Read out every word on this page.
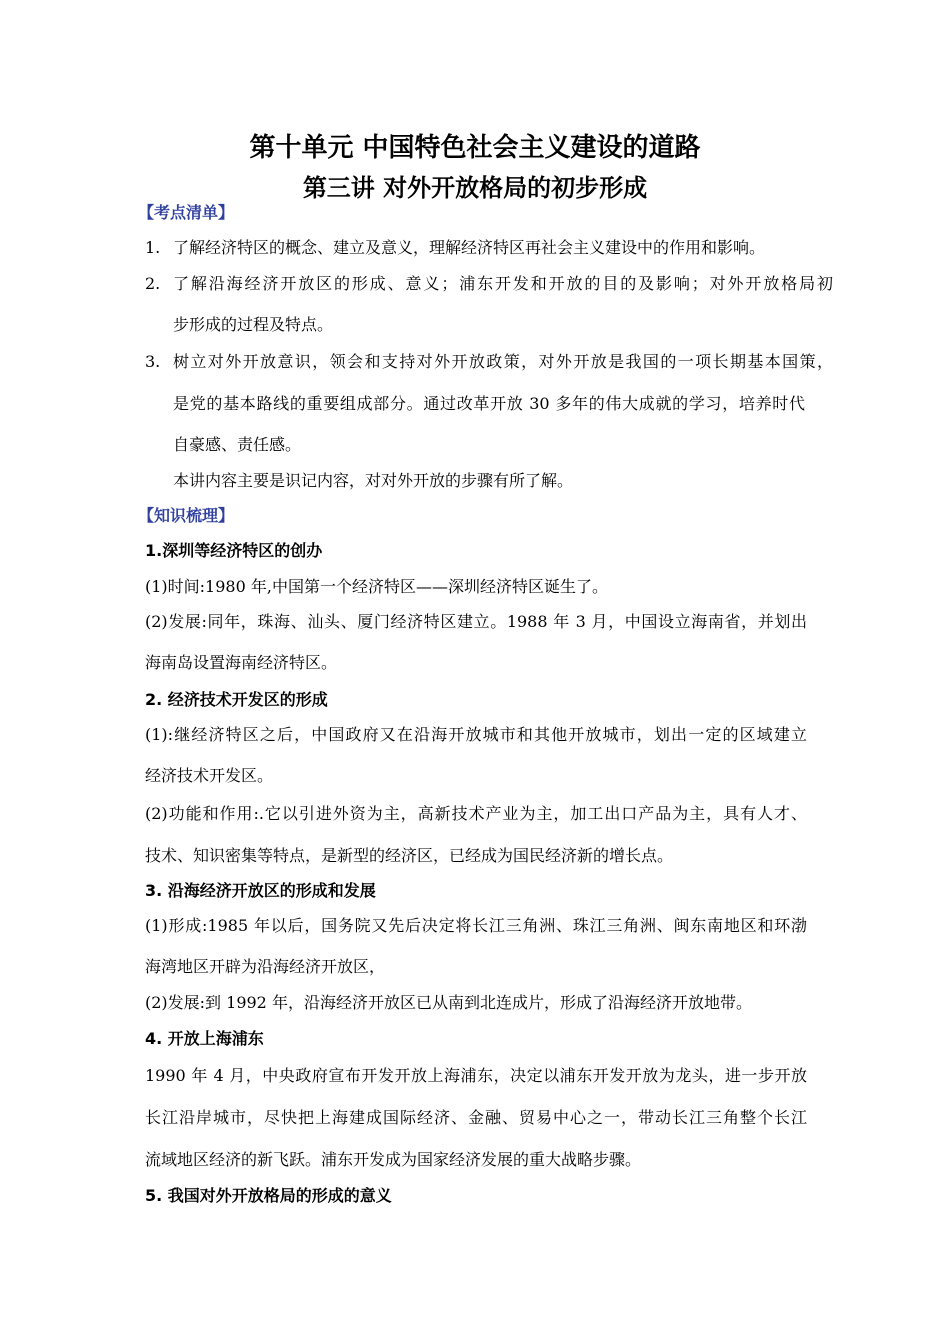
第十单元 中国特色社会主义建设的道路
第三讲 对外开放格局的初步形成
【考点清单】
1. 了解经济特区的概念、建立及意义，理解经济特区再社会主义建设中的作用和影响。
2. 了解沿海经济开放区的形成、意义；浦东开发和开放的目的及影响；对外开放格局初
步形成的过程及特点。
3. 树立对外开放意识，领会和支持对外开放政策，对外开放是我国的一项长期基本国策，
是党的基本路线的重要组成部分。通过改革开放 30 多年的伟大成就的学习，培养时代
自豪感、责任感。
本讲内容主要是识记内容，对对外开放的步骤有所了解。
【知识梳理】
1.深圳等经济特区的创办
(1)时间:1980 年,中国第一个经济特区——深圳经济特区诞生了。
(2)发展:同年，珠海、汕头、厦门经济特区建立。1988 年 3 月，中国设立海南省，并划出
海南岛设置海南经济特区。
2. 经济技术开发区的形成
(1):继经济特区之后，中国政府又在沿海开放城市和其他开放城市，划出一定的区域建立
经济技术开发区。
(2)功能和作用:.它以引进外资为主，高新技术产业为主，加工出口产品为主，具有人才、
技术、知识密集等特点，是新型的经济区，已经成为国民经济新的增长点。
3. 沿海经济开放区的形成和发展
(1)形成:1985 年以后，国务院又先后决定将长江三角洲、珠江三角洲、闽东南地区和环渤
海湾地区开辟为沿海经济开放区，
(2)发展:到 1992 年，沿海经济开放区已从南到北连成片，形成了沿海经济开放地带。
4. 开放上海浦东
1990 年 4 月，中央政府宣布开发开放上海浦东，决定以浦东开发开放为龙头，进一步开放
长江沿岸城市，尽快把上海建成国际经济、金融、贸易中心之一，带动长江三角整个长江
流域地区经济的新飞跃。浦东开发成为国家经济发展的重大战略步骤。
5. 我国对外开放格局的形成的意义
